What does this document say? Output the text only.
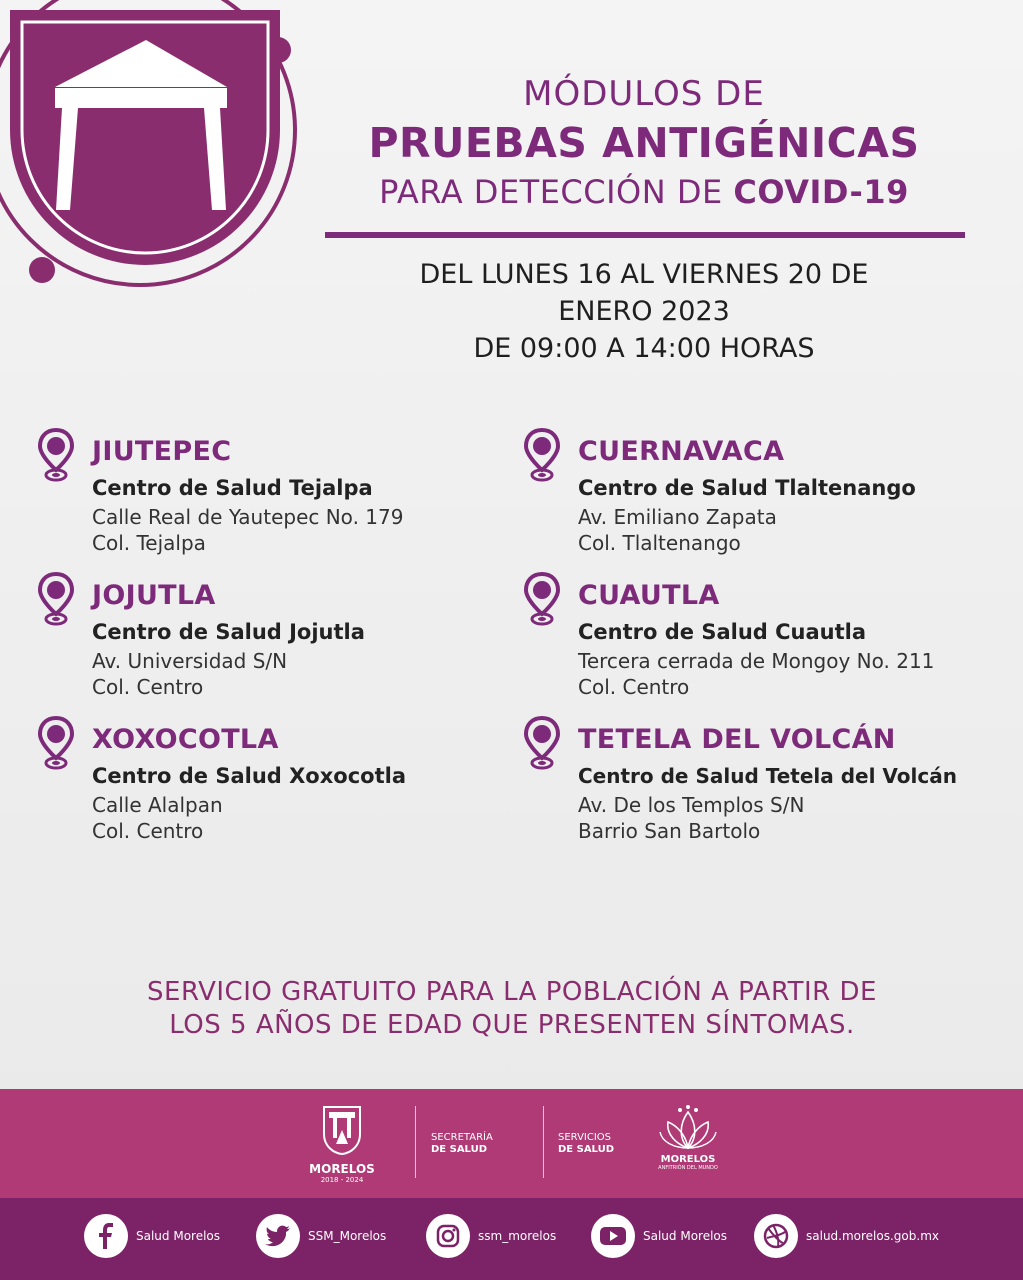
MÓDULOS DE
PRUEBAS ANTIGÉNICAS
PARA DETECCIÓN DE COVID-19
DEL LUNES 16 AL VIERNES 20 DE
ENERO 2023
DE 09:00 A 14:00 HORAS
JIUTEPEC
Centro de Salud Tejalpa
Calle Real de Yautepec No. 179
Col. Tejalpa
CUERNAVACA
Centro de Salud Tlaltenango
Av. Emiliano Zapata
Col. Tlaltenango
JOJUTLA
Centro de Salud Jojutla
Av. Universidad S/N
Col. Centro
CUAUTLA
Centro de Salud Cuautla
Tercera cerrada de Mongoy No. 211
Col. Centro
XOXOCOTLA
Centro de Salud Xoxocotla
Calle Alalpan
Col. Centro
TETELA DEL VOLCÁN
Centro de Salud Tetela del Volcán
Av. De los Templos S/N
Barrio San Bartolo
SERVICIO GRATUITO PARA LA POBLACIÓN A PARTIR DE
LOS 5 AÑOS DE EDAD QUE PRESENTEN SÍNTOMAS.
MORELOS
2018 - 2024
SECRETARÍA
DE SALUD
SERVICIOS
DE SALUD
MORELOS
ANFITRIÓN DEL MUNDO
Salud Morelos	SSM_Morelos	ssm_morelos	Salud Morelos	salud.morelos.gob.mx
